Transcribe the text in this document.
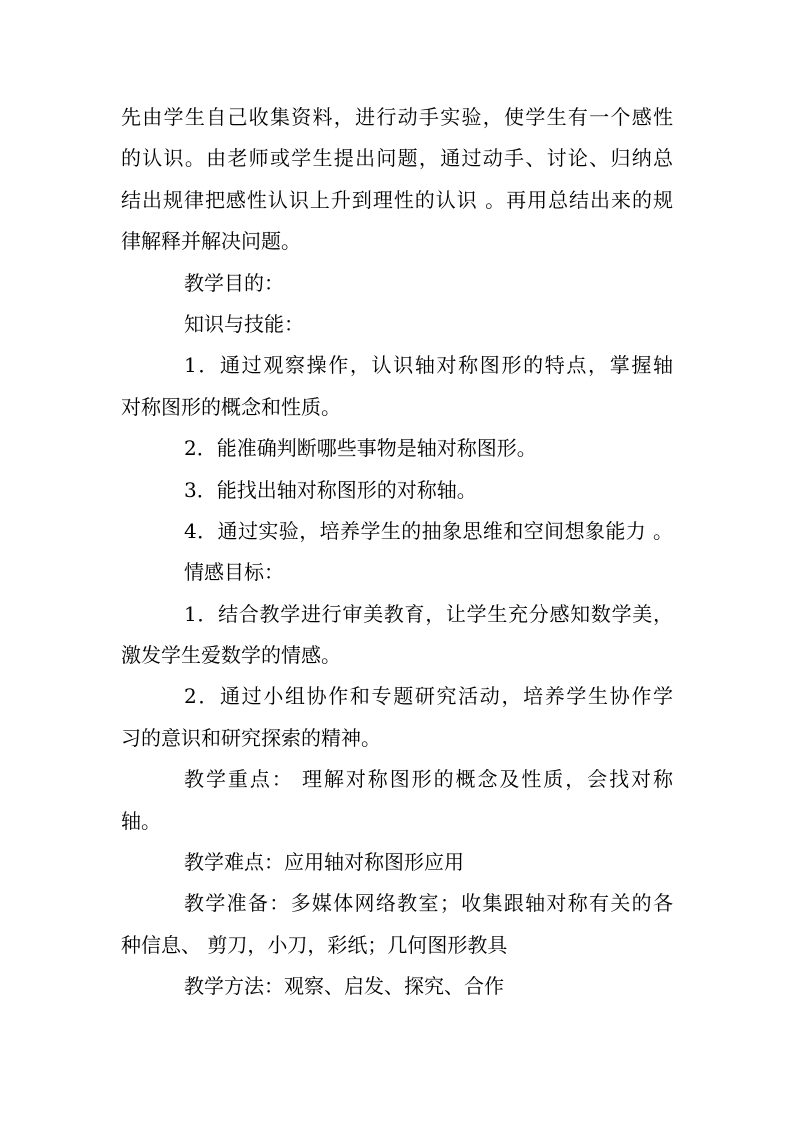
先由学生自己收集资料，进行动手实验，使学生有一个感性
的认识。由老师或学生提出问题，通过动手、讨论、归纳总
结出规律把感性认识上升到理性的认识 。再用总结出来的规
律解释并解决问题。
教学目的：
知识与技能：
1．通过观察操作，认识轴对称图形的特点，掌握轴
对称图形的概念和性质。
2．能准确判断哪些事物是轴对称图形。
3．能找出轴对称图形的对称轴。
4．通过实验，培养学生的抽象思维和空间想象能力 。
情感目标：
1．结合教学进行审美教育，让学生充分感知数学美，
激发学生爱数学的情感。
2．通过小组协作和专题研究活动，培养学生协作学
习的意识和研究探索的精神。
教学重点： 理解对称图形的概念及性质，会找对称
轴。
教学难点：应用轴对称图形应用
教学准备：多媒体网络教室；收集跟轴对称有关的各
种信息、 剪刀，小刀，彩纸；几何图形教具
教学方法：观察、启发、探究、合作
